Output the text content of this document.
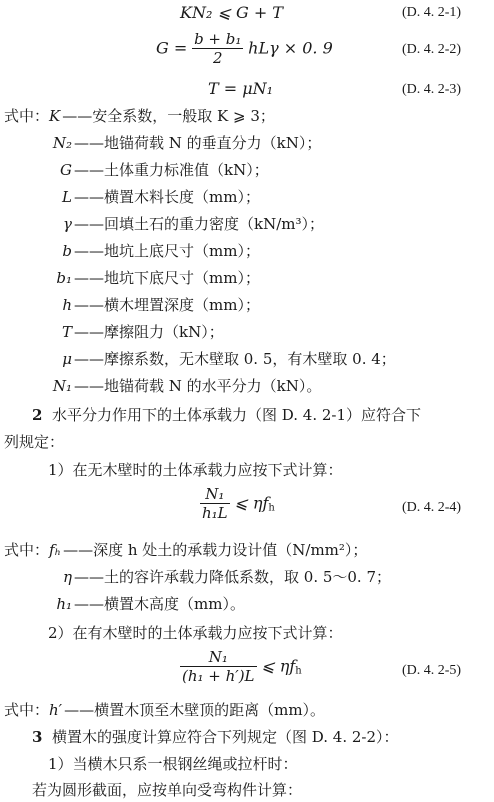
KN₂ ⩽ G + T	(D. 4. 2-1)
$G = \frac{\text{b + b₁}}{2}$ hLγ × 0. 9	(D. 4. 2-2)
T = μN₁	(D. 4. 2-3)
式中：K ——安全系数，一般取 K ⩾ 3；
N₂ ——地锚荷载 N 的垂直分力（kN）；
G ——土体重力标准值（kN）；
L ——横置木料长度（mm）；
γ ——回填土石的重力密度（kN/m³）；
b ——地坑上底尺寸（mm）；
b₁ ——地坑下底尺寸（mm）；
h ——横木埋置深度（mm）；
T ——摩擦阻力（kN）；
μ ——摩擦系数，无木壁取 0. 5，有木壁取 0. 4；
N₁ ——地锚荷载 N 的水平分力（kN）。
2 水平分力作用下的土体承载力（图 D. 4. 2-1）应符合下
列规定：
1）在无木壁时的土体承载力应按下式计算：
$\frac{\text{N₁}}{\text{h₁L}}$ ⩽ $\eta f_h$	(D. 4. 2-4)
式中：fₕ ——深度 h 处土的承载力设计值（N/mm²）；
η ——土的容许承载力降低系数，取 0. 5～0. 7；
h₁ ——横置木高度（mm）。
2）在有木壁时的土体承载力应按下式计算：
$\frac{\text{N₁}}{\text{(h₁ + h′)L}}$ ⩽ $\eta f_h$	(D. 4. 2-5)
式中：h′ ——横置木顶至木壁顶的距离（mm）。
3 横置木的强度计算应符合下列规定（图 D. 4. 2-2）：
1）当横木只系一根钢丝绳或拉杆时：
若为圆形截面，应按单向受弯构件计算：
